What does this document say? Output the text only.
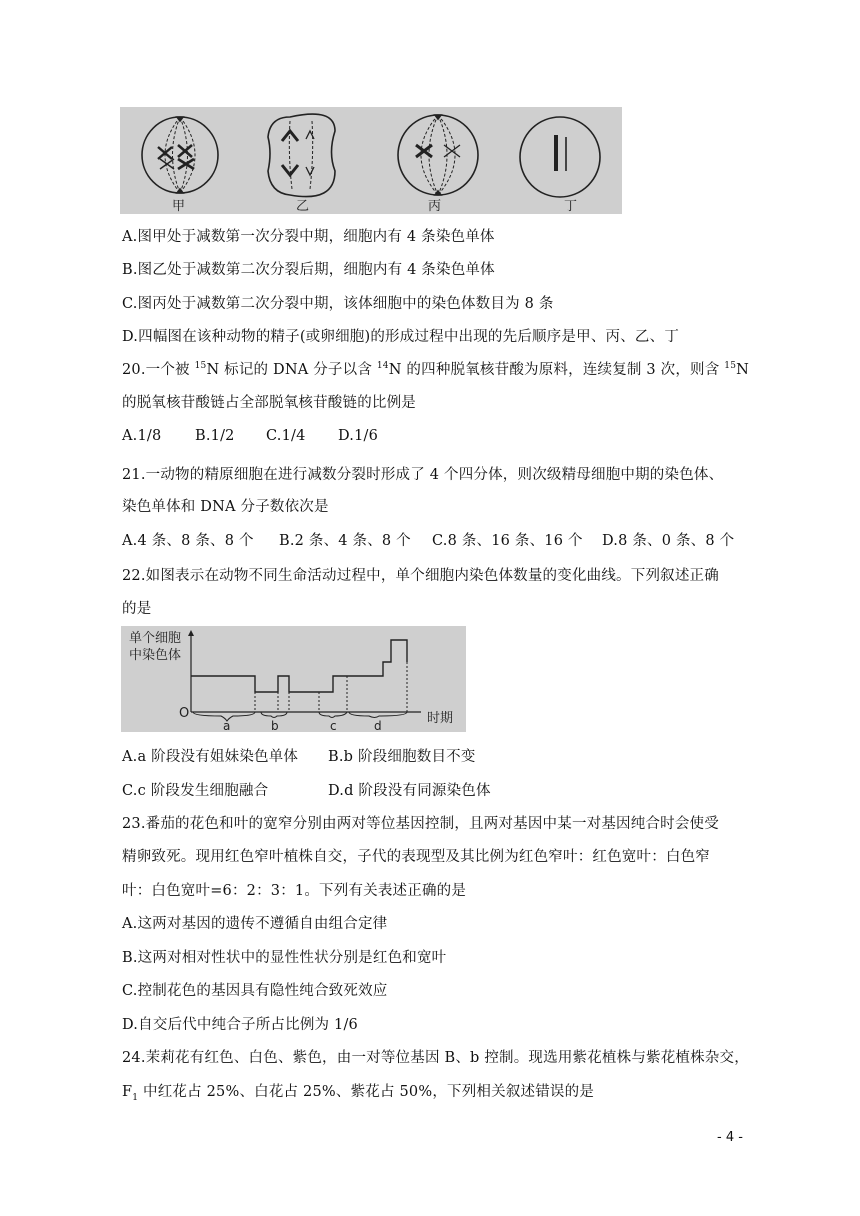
甲	乙	丙	丁
A.图甲处于减数第一次分裂中期，细胞内有 4 条染色单体
B.图乙处于减数第二次分裂后期，细胞内有 4 条染色单体
C.图丙处于减数第二次分裂中期，该体细胞中的染色体数目为 8 条
D.四幅图在该种动物的精子(或卵细胞)的形成过程中出现的先后顺序是甲、丙、乙、丁
20.一个被 $^{15}$N 标记的 DNA 分子以含 $^{14}$N 的四种脱氧核苷酸为原料，连续复制 3 次，则含 $^{15}$N
的脱氧核苷酸链占全部脱氧核苷酸链的比例是
A.1/8 B.1/2 C.1/4 D.1/6
21.一动物的精原细胞在进行减数分裂时形成了 4 个四分体，则次级精母细胞中期的染色体、
染色单体和 DNA 分子数依次是
A.4 条、8 条、8 个 B.2 条、4 条、8 个 C.8 条、16 条、16 个 D.8 条、0 条、8 个
22.如图表示在动物不同生命活动过程中，单个细胞内染色体数量的变化曲线。下列叙述正确
的是
单个细胞
中染色体
O	时期
a	b	c	d
A.a 阶段没有姐妹染色单体 B.b 阶段细胞数目不变
C.c 阶段发生细胞融合	D.d 阶段没有同源染色体
23.番茄的花色和叶的宽窄分别由两对等位基因控制，且两对基因中某一对基因纯合时会使受
精卵致死。现用红色窄叶植株自交，子代的表现型及其比例为红色窄叶：红色宽叶：白色窄
叶：白色宽叶=6：2：3：1。下列有关表述正确的是
A.这两对基因的遗传不遵循自由组合定律
B.这两对相对性状中的显性性状分别是红色和宽叶
C.控制花色的基因具有隐性纯合致死效应
D.自交后代中纯合子所占比例为 1/6
24.茉莉花有红色、白色、紫色，由一对等位基因 B、b 控制。现选用紫花植株与紫花植株杂交，
$F_1$ 中红花占 25%、白花占 25%、紫花占 50%，下列相关叙述错误的是
- 4 -
